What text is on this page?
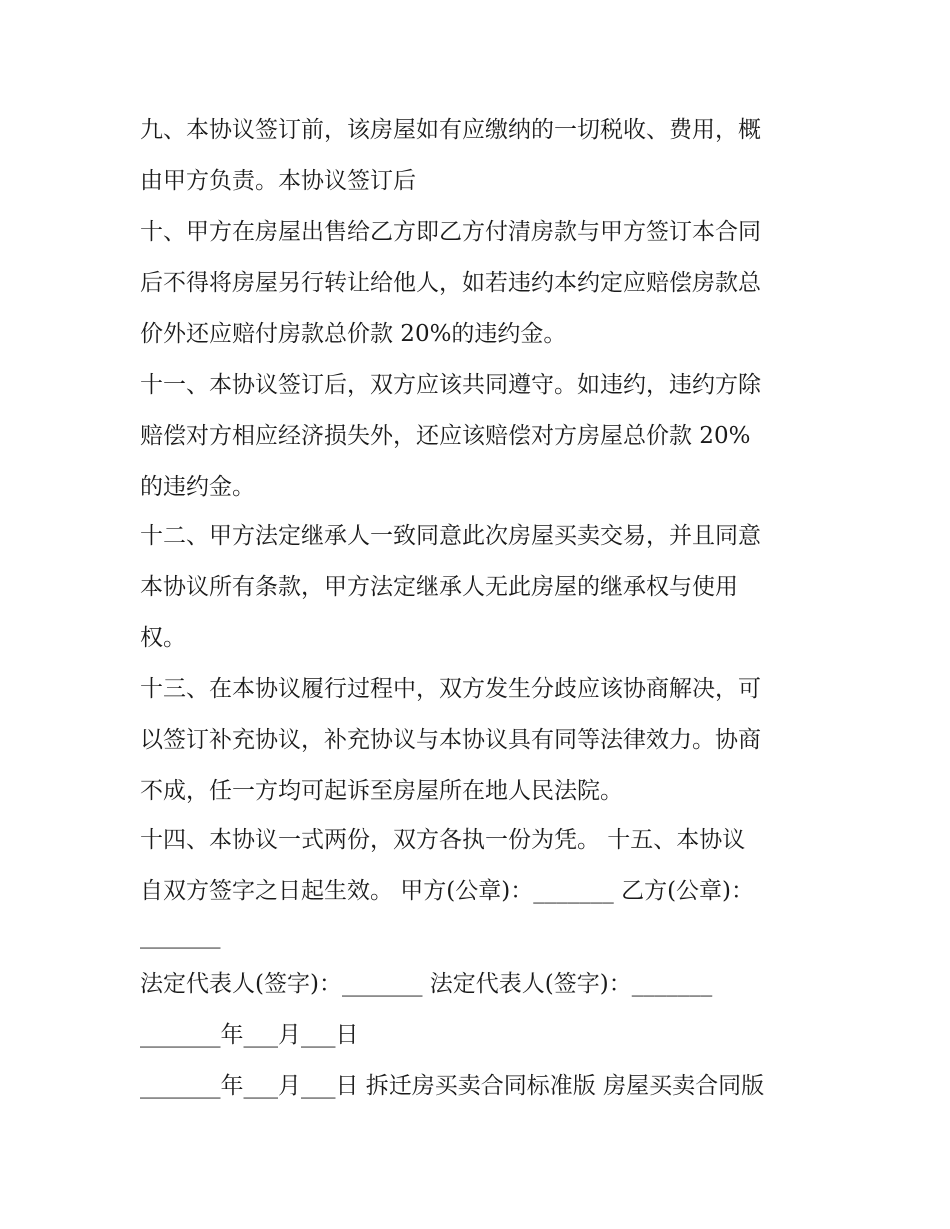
九、本协议签订前，该房屋如有应缴纳的一切税收、费用，概
由甲方负责。本协议签订后
十、甲方在房屋出售给乙方即乙方付清房款与甲方签订本合同
后不得将房屋另行转让给他人，如若违约本约定应赔偿房款总
价外还应赔付房款总价款 20%的违约金。
十一、本协议签订后，双方应该共同遵守。如违约，违约方除
赔偿对方相应经济损失外，还应该赔偿对方房屋总价款 20%
的违约金。
十二、甲方法定继承人一致同意此次房屋买卖交易，并且同意
本协议所有条款，甲方法定继承人无此房屋的继承权与使用
权。
十三、在本协议履行过程中，双方发生分歧应该协商解决，可
以签订补充协议，补充协议与本协议具有同等法律效力。协商
不成，任一方均可起诉至房屋所在地人民法院。
十四、本协议一式两份，双方各执一份为凭。 十五、本协议
自双方签字之日起生效。 甲方(公章)：_______ 乙方(公章)：
_______
法定代表人(签字)：_______ 法定代表人(签字)：_______
_______年___月___日
_______年___月___日 拆迁房买卖合同标准版 房屋买卖合同版
